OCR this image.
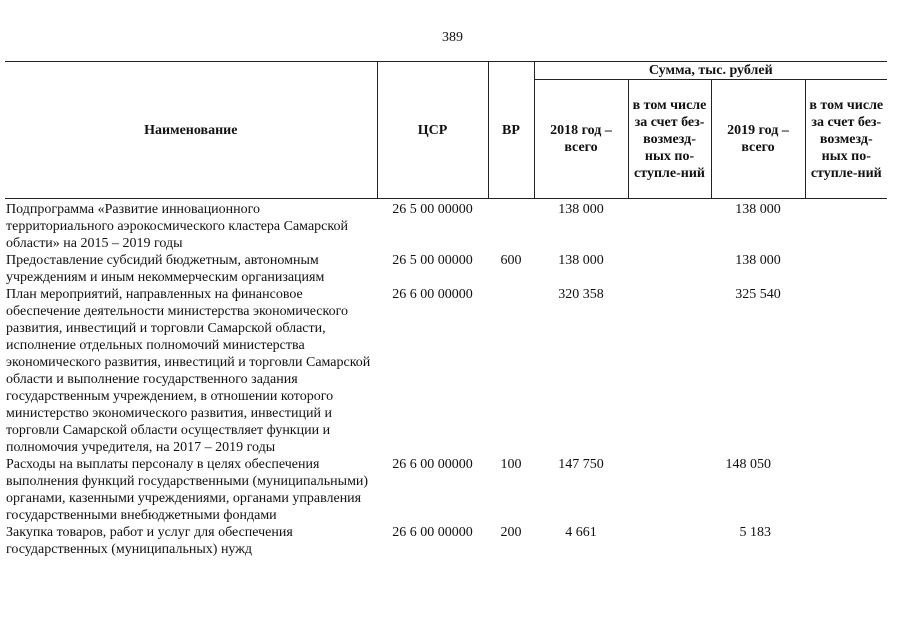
389
Наименование	ЦСР	ВР	Сумма, тыс. рублей			
			2018 год – всего	в том числе за счет без-возмезд-ных по-ступле-ний	2019 год – всего	в том числе за счет без-возмезд-ных по-ступле-ний
Подпрограмма «Развитие инновационного территориального аэрокосмического кластера Самарской области» на 2015 – 2019 годы	26 5 00 00000		138 000		138 000	
Предоставление субсидий бюджетным, автономным учреждениям и иным некоммерческим организациям	26 5 00 00000	600	138 000		138 000	
План мероприятий, направленных на финансовое обеспечение деятельности министерства экономического развития, инвестиций и торговли Самарской области, исполнение отдельных полномочий министерства экономического развития, инвестиций и торговли Самарской области и выполнение государственного задания государственным учреждением, в отношении которого министерство экономического развития, инвестиций и торговли Самарской области осуществляет функции и полномочия учредителя, на 2017 – 2019 годы	26 6 00 00000		320 358		325 540	
Расходы на выплаты персоналу в целях обеспечения выполнения функций государственными (муниципальными) органами, казенными учреждениями, органами управления государственными внебюджетными фондами	26 6 00 00000	100	147 750		148 050	
Закупка товаров, работ и услуг для обеспечения государственных (муниципальных) нужд	26 6 00 00000	200	4 661		5 183	
